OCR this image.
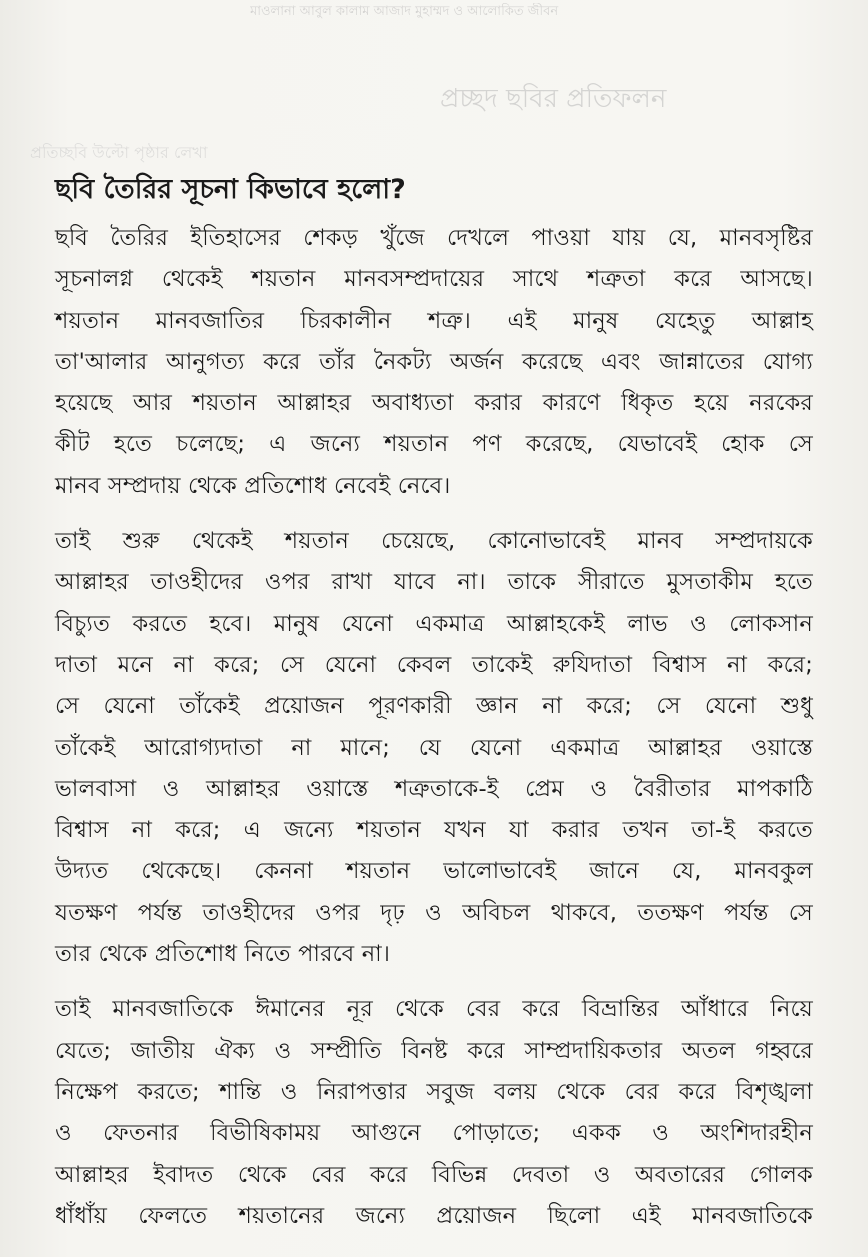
মাওলানা আবুল কালাম আজাদ মুহাম্মদ ও আলোকিত জীবন
প্রচ্ছদ ছবির প্রতিফলন
প্রতিচ্ছবি উল্টো পৃষ্ঠার লেখা
ছবি তৈরির সূচনা কিভাবে হলো?
ছবি তৈরির ইতিহাসের শেকড় খুঁজে দেখলে পাওয়া যায় যে, মানবসৃষ্টির
সূচনালগ্ন থেকেই শয়তান মানবসম্প্রদায়ের সাথে শত্রুতা করে আসছে।
শয়তান মানবজাতির চিরকালীন শত্রু। এই মানুষ যেহেতু আল্লাহ
তা'আলার আনুগত্য করে তাঁর নৈকট্য অর্জন করেছে এবং জান্নাতের যোগ্য
হয়েছে আর শয়তান আল্লাহর অবাধ্যতা করার কারণে ধিকৃত হয়ে নরকের
কীট হতে চলেছে; এ জন্যে শয়তান পণ করেছে, যেভাবেই হোক সে
মানব সম্প্রদায় থেকে প্রতিশোধ নেবেই নেবে।
তাই শুরু থেকেই শয়তান চেয়েছে, কোনোভাবেই মানব সম্প্রদায়কে
আল্লাহর তাওহীদের ওপর রাখা যাবে না। তাকে সীরাতে মুসতাকীম হতে
বিচ্যুত করতে হবে। মানুষ যেনো একমাত্র আল্লাহকেই লাভ ও লোকসান
দাতা মনে না করে; সে যেনো কেবল তাকেই রুযিদাতা বিশ্বাস না করে;
সে যেনো তাঁকেই প্রয়োজন পূরণকারী জ্ঞান না করে; সে যেনো শুধু
তাঁকেই আরোগ্যদাতা না মানে; যে যেনো একমাত্র আল্লাহর ওয়াস্তে
ভালবাসা ও আল্লাহর ওয়াস্তে শত্রুতাকে-ই প্রেম ও বৈরীতার মাপকাঠি
বিশ্বাস না করে; এ জন্যে শয়তান যখন যা করার তখন তা-ই করতে
উদ্যত থেকেছে। কেননা শয়তান ভালোভাবেই জানে যে, মানবকুল
যতক্ষণ পর্যন্ত তাওহীদের ওপর দৃঢ় ও অবিচল থাকবে, ততক্ষণ পর্যন্ত সে
তার থেকে প্রতিশোধ নিতে পারবে না।
তাই মানবজাতিকে ঈমানের নূর থেকে বের করে বিভ্রান্তির আঁধারে নিয়ে
যেতে; জাতীয় ঐক্য ও সম্প্রীতি বিনষ্ট করে সাম্প্রদায়িকতার অতল গহ্বরে
নিক্ষেপ করতে; শান্তি ও নিরাপত্তার সবুজ বলয় থেকে বের করে বিশৃঙ্খলা
ও ফেতনার বিভীষিকাময় আগুনে পোড়াতে; একক ও অংশিদারহীন
আল্লাহর ইবাদত থেকে বের করে বিভিন্ন দেবতা ও অবতারের গোলক
ধাঁধাঁয় ফেলতে শয়তানের জন্যে প্রয়োজন ছিলো এই মানবজাতিকে
